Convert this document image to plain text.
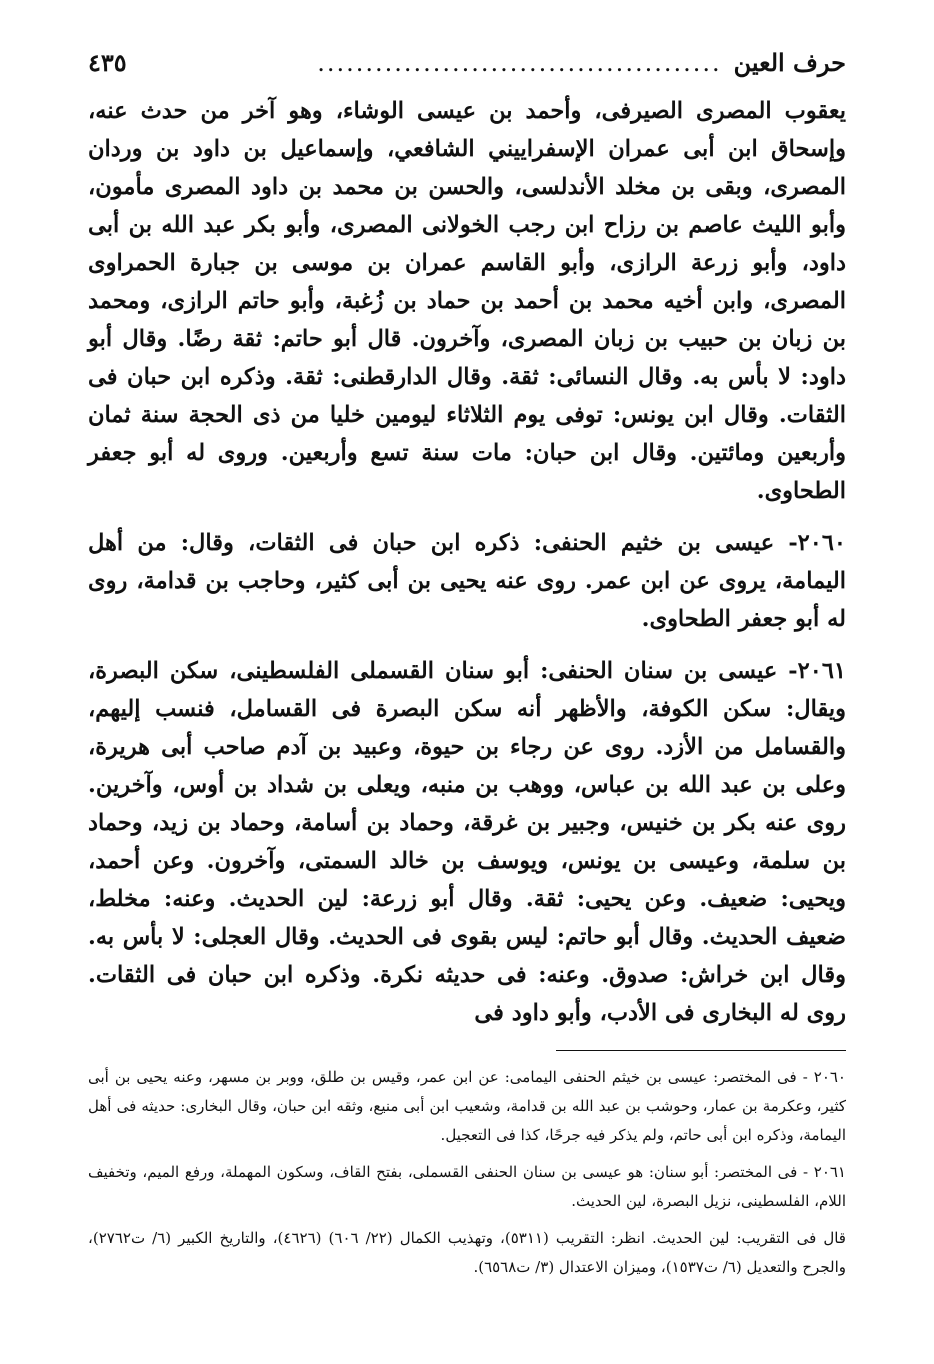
حرف العين
..........................................
٤٣٥

يعقوب المصرى الصيرفى، وأحمد بن عيسى الوشاء، وهو آخر من حدث عنه، وإسحاق ابن أبى عمران الإسفراييني الشافعي، وإسماعيل بن داود بن وردان المصرى، وبقى بن مخلد الأندلسى، والحسن بن محمد بن داود المصرى مأمون، وأبو الليث عاصم بن رزاح ابن رجب الخولانى المصرى، وأبو بكر عبد الله بن أبى داود، وأبو زرعة الرازى، وأبو القاسم عمران بن موسى بن جبارة الحمراوى المصرى، وابن أخيه محمد بن أحمد بن حماد بن زُغبة، وأبو حاتم الرازى، ومحمد بن زبان بن حبيب بن زبان المصرى، وآخرون. قال أبو حاتم: ثقة رضًا. وقال أبو داود: لا بأس به. وقال النسائى: ثقة. وقال الدارقطنى: ثقة. وذكره ابن حبان فى الثقات. وقال ابن يونس: توفى يوم الثلاثاء ليومين خليا من ذى الحجة سنة ثمان وأربعين ومائتين. وقال ابن حبان: مات سنة تسع وأربعين. وروى له أبو جعفر الطحاوى.

٢٠٦٠- عيسى بن خثيم الحنفى: ذكره ابن حبان فى الثقات، وقال: من أهل اليمامة، يروى عن ابن عمر. روى عنه يحيى بن أبى كثير، وحاجب بن قدامة، روى له أبو جعفر الطحاوى.

٢٠٦١- عيسى بن سنان الحنفى: أبو سنان القسملى الفلسطينى، سكن البصرة، ويقال: سكن الكوفة، والأظهر أنه سكن البصرة فى القسامل، فنسب إليهم، والقسامل من الأزد. روى عن رجاء بن حيوة، وعبيد بن آدم صاحب أبى هريرة، وعلى بن عبد الله بن عباس، ووهب بن منبه، ويعلى بن شداد بن أوس، وآخرين. روى عنه بكر بن خنيس، وجبير بن غرقة، وحماد بن أسامة، وحماد بن زيد، وحماد بن سلمة، وعيسى بن يونس، ويوسف بن خالد السمتى، وآخرون. وعن أحمد، ويحيى: ضعيف. وعن يحيى: ثقة. وقال أبو زرعة: لين الحديث. وعنه: مخلط، ضعيف الحديث. وقال أبو حاتم: ليس بقوى فى الحديث. وقال العجلى: لا بأس به. وقال ابن خراش: صدوق. وعنه: فى حديثه نكرة. وذكره ابن حبان فى الثقات. روى له البخارى فى الأدب، وأبو داود فى

٢٠٦٠ - فى المختصر: عيسى بن خيثم الحنفى اليمامى: عن ابن عمر، وقيس بن طلق، ووبر بن مسهر، وعنه يحيى بن أبى كثير، وعكرمة بن عمار، وحوشب بن عبد الله بن قدامة، وشعيب ابن أبى منيع، وثقه ابن حبان، وقال البخارى: حديثه فى أهل اليمامة، وذكره ابن أبى حاتم، ولم يذكر فيه جرحًا، كذا فى التعجيل.

٢٠٦١ - فى المختصر: أبو سنان: هو عيسى بن سنان الحنفى القسملى، بفتح القاف، وسكون المهملة، ورفع الميم، وتخفيف اللام، الفلسطينى، نزيل البصرة، لين الحديث.

قال فى التقريب: لين الحديث. انظر: التقريب (٥٣١١)، وتهذيب الكمال (٢٢/ ٦٠٦) (٤٦٢٦)، والتاريخ الكبير (٦/ ت٢٧٦٢)، والجرح والتعديل (٦/ ت١٥٣٧)، وميزان الاعتدال (٣/ ت٦٥٦٨).
